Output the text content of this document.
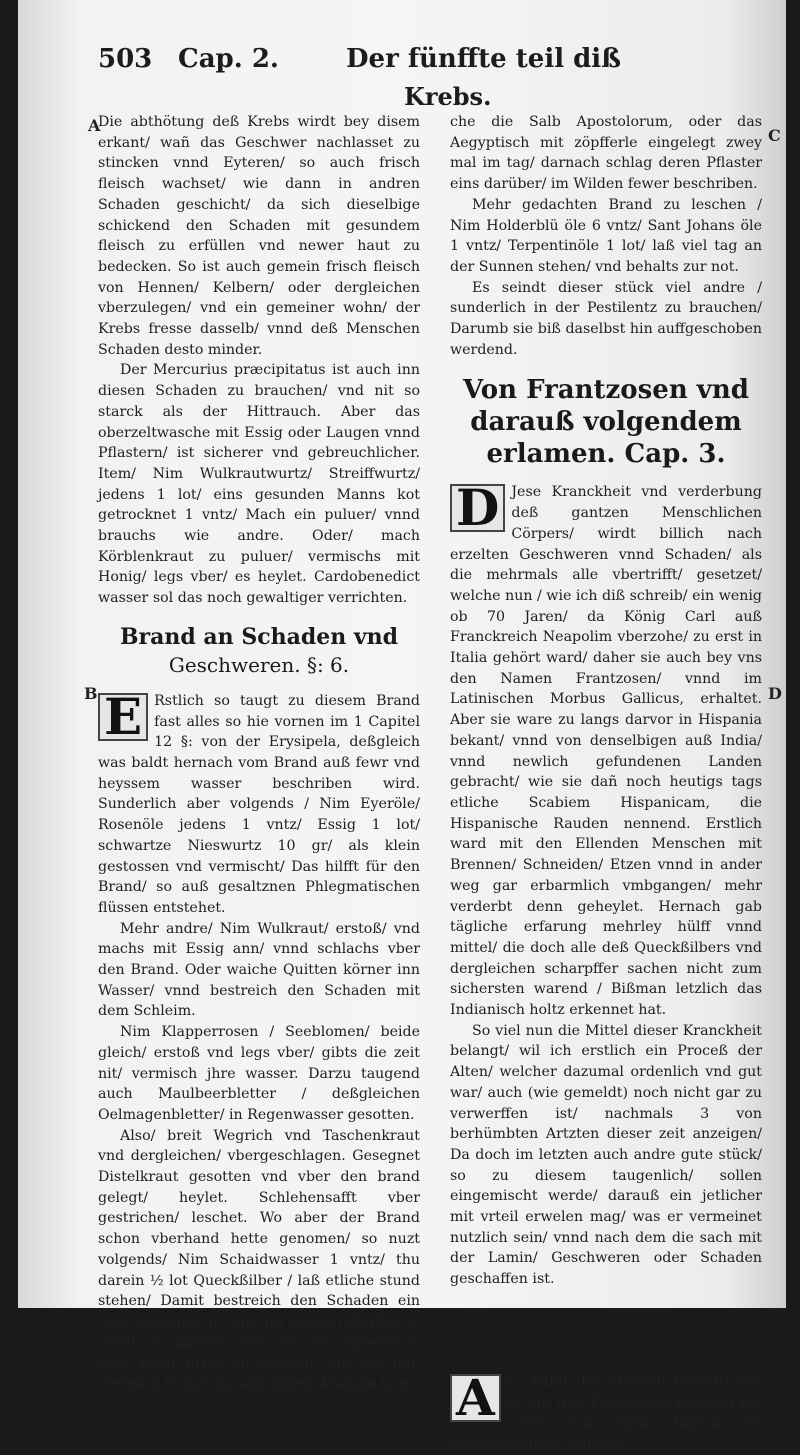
503 Cap. 2.	Der fünffte teil diß
Krebs.
A
B
C
D

Die abthötung deß Krebs wirdt bey disem erkant/ wañ das Geschwer nachlasset zu stincken vnnd Eyteren/ so auch frisch fleisch wachset/ wie dann in andren Schaden geschicht/ da sich dieselbige schickend den Schaden mit gesundem fleisch zu erfüllen vnd newer haut zu bedecken. So ist auch gemein frisch fleisch von Hennen/ Kelbern/ oder dergleichen vberzulegen/ vnd ein gemeiner wohn/ der Krebs fresse dasselb/ vnnd deß Menschen Schaden desto minder.

Der Mercurius præcipitatus ist auch inn diesen Schaden zu brauchen/ vnd nit so starck als der Hittrauch. Aber das oberzeltwasche mit Essig oder Laugen vnnd Pflastern/ ist sicherer vnd gebreuchlicher. Item/ Nim Wulkrautwurtz/ Streiffwurtz/ jedens 1 lot/ eins gesunden Manns kot getrocknet 1 vntz/ Mach ein puluer/ vnnd brauchs wie andre. Oder/ mach Körblenkraut zu puluer/ vermischs mit Honig/ legs vber/ es heylet. Cardobenedict wasser sol das noch gewaltiger verrichten.

Brand an Schaden vnd
Geschweren. §: 6.

E Rstlich so taugt zu diesem Brand fast alles so hie vornen im 1 Capitel 12 §: von der Erysipela, deßgleich was baldt hernach vom Brand auß fewr vnd heyssem wasser beschriben wird. Sunderlich aber volgends / Nim Eyeröle/ Rosenöle jedens 1 vntz/ Essig 1 lot/ schwartze Nieswurtz 10 gr/ als klein gestossen vnd vermischt/ Das hilfft für den Brand/ so auß gesaltznen Phlegmatischen flüssen entstehet.

Mehr andre/ Nim Wulkraut/ erstoß/ vnd machs mit Essig ann/ vnnd schlachs vber den Brand. Oder waiche Quitten körner inn Wasser/ vnnd bestreich den Schaden mit dem Schleim.

Nim Klapperrosen / Seeblomen/ beide gleich/ erstoß vnd legs vber/ gibts die zeit nit/ vermisch jhre wasser. Darzu taugend auch Maulbeerbletter / deßgleichen Oelmagenbletter/ in Regenwasser gesotten.

Also/ breit Wegrich vnd Taschenkraut vnd dergleichen/ vbergeschlagen. Gesegnet Distelkraut gesotten vnd vber den brand gelegt/ heylet. Schlehensafft vber gestrichen/ leschet. Wo aber der Brand schon vberhand hette genomen/ so nuzt volgends/ Nim Schaidwasser 1 vntz/ thu darein ½ lot Queckßilber / laß etliche stund stehen/ Damit bestreich den Schaden ein oder zweymal im tag/ mit einem federlin/ so wirdt er anfahen sich an den eussersten oder mehr orten zu schelen/ biß das faul verbrant fleisch darauß fallet/ Alsdann brau-

che die Salb Apostolorum, oder das Aegyptisch mit zöpfferle eingelegt zwey mal im tag/ darnach schlag deren Pflaster eins darüber/ im Wilden fewer beschriben.

Mehr gedachten Brand zu leschen / Nim Holderblü öle 6 vntz/ Sant Johans öle 1 vntz/ Terpentinöle 1 lot/ laß viel tag an der Sunnen stehen/ vnd behalts zur not.

Es seindt dieser stück viel andre / sunderlich in der Pestilentz zu brauchen/ Darumb sie biß daselbst hin auffgeschoben werdend.

Von Frantzosen vnd darauß volgendem erlamen. Cap. 3.

D Jese Kranckheit vnd verderbung deß gantzen Menschlichen Cörpers/ wirdt billich nach erzelten Geschweren vnnd Schaden/ als die mehrmals alle vbertrifft/ gesetzet/ welche nun / wie ich diß schreib/ ein wenig ob 70 Jaren/ da König Carl auß Franckreich Neapolim vberzohe/ zu erst in Italia gehört ward/ daher sie auch bey vns den Namen Frantzosen/ vnnd im Latinischen Morbus Gallicus, erhaltet. Aber sie ware zu langs darvor in Hispania bekant/ vnnd von denselbigen auß India/ vnnd newlich gefundenen Landen gebracht/ wie sie dañ noch heutigs tags etliche Scabiem Hispanicam, die Hispanische Rauden nennend. Erstlich ward mit den Ellenden Menschen mit Brennen/ Schneiden/ Etzen vnnd in ander weg gar erbarmlich vmbgangen/ mehr verderbt denn geheylet. Hernach gab tägliche erfarung mehrley hülff vnnd mittel/ die doch alle deß Queckßilbers vnd dergleichen scharpffer sachen nicht zum sichersten warend / Bißman letzlich das Indianisch holtz erkennet hat.

So viel nun die Mittel dieser Kranckheit belangt/ wil ich erstlich ein Proceß der Alten/ welcher dazumal ordenlich vnd gut war/ auch (wie gemeldt) noch nicht gar zu verwerffen ist/ nachmals 3 von berhümbten Artzten dieser zeit anzeigen/ Da doch im letzten auch andre gute stück/ so zu diesem taugenlich/ sollen eingemischt werde/ darauß ein jetlicher mit vrteil erwelen mag/ was er vermeinet nutzlich sein/ vnnd nach dem die sach mit der Lamin/ Geschweren oder Schaden geschaffen ist.

Regiment vnd Cura der
Alten. §: 1.

A Ls baldt der Mensch befindt/ das er mit den Frantzosen beladen ist/ soler sich warm halten/ vil Schweißbaden/ Schrepf-
